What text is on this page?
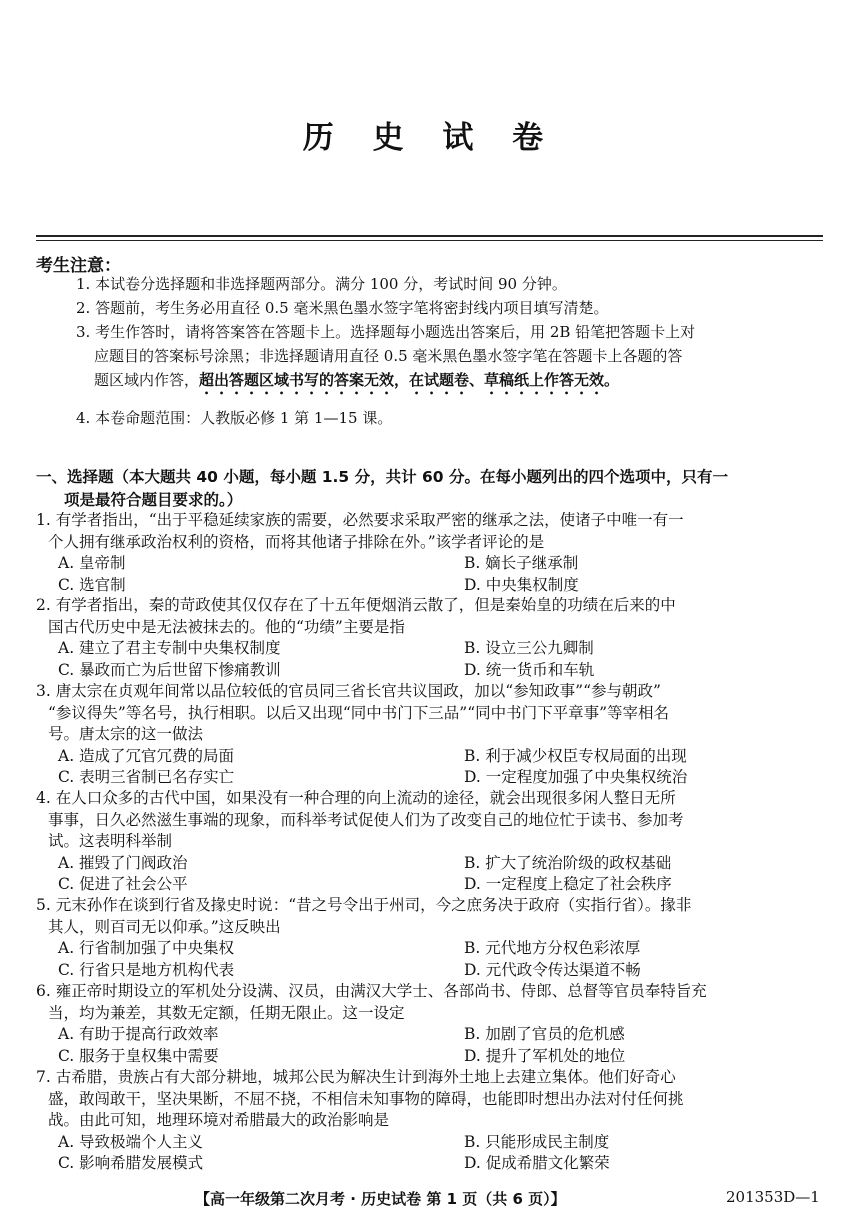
历 史 试 卷
考生注意：
1. 本试卷分选择题和非选择题两部分。满分 100 分，考试时间 90 分钟。
2. 答题前，考生务必用直径 0.5 毫米黑色墨水签字笔将密封线内项目填写清楚。
3. 考生作答时，请将答案答在答题卡上。选择题每小题选出答案后，用 2B 铅笔把答题卡上对
应题目的答案标号涂黑；非选择题请用直径 0.5 毫米黑色墨水签字笔在答题卡上各题的答
题区域内作答，超出答题区域书写的答案无效，在试题卷、草稿纸上作答无效。
4. 本卷命题范围：人教版必修 1 第 1—15 课。
一、选择题（本大题共 40 小题，每小题 1.5 分，共计 60 分。在每小题列出的四个选项中，只有一
项是最符合题目要求的。）
1. 有学者指出，“出于平稳延续家族的需要，必然要求采取严密的继承之法，使诸子中唯一有一
个人拥有继承政治权利的资格，而将其他诸子排除在外。”该学者评论的是
A. 皇帝制	B. 嫡长子继承制
C. 选官制	D. 中央集权制度
2. 有学者指出，秦的苛政使其仅仅存在了十五年便烟消云散了，但是秦始皇的功绩在后来的中
国古代历史中是无法被抹去的。他的“功绩”主要是指
A. 建立了君主专制中央集权制度	B. 设立三公九卿制
C. 暴政而亡为后世留下惨痛教训	D. 统一货币和车轨
3. 唐太宗在贞观年间常以品位较低的官员同三省长官共议国政，加以“参知政事”“参与朝政”
“参议得失”等名号，执行相职。以后又出现“同中书门下三品”“同中书门下平章事”等宰相名
号。唐太宗的这一做法
A. 造成了冗官冗费的局面	B. 利于减少权臣专权局面的出现
C. 表明三省制已名存实亡	D. 一定程度加强了中央集权统治
4. 在人口众多的古代中国，如果没有一种合理的向上流动的途径，就会出现很多闲人整日无所
事事，日久必然滋生事端的现象，而科举考试促使人们为了改变自己的地位忙于读书、参加考
试。这表明科举制
A. 摧毁了门阀政治	B. 扩大了统治阶级的政权基础
C. 促进了社会公平	D. 一定程度上稳定了社会秩序
5. 元末孙作在谈到行省及掾史时说：“昔之号令出于州司，今之庶务决于政府（实指行省）。掾非
其人，则百司无以仰承。”这反映出
A. 行省制加强了中央集权	B. 元代地方分权色彩浓厚
C. 行省只是地方机构代表	D. 元代政令传达渠道不畅
6. 雍正帝时期设立的军机处分设满、汉员，由满汉大学士、各部尚书、侍郎、总督等官员奉特旨充
当，均为兼差，其数无定额，任期无限止。这一设定
A. 有助于提高行政效率	B. 加剧了官员的危机感
C. 服务于皇权集中需要	D. 提升了军机处的地位
7. 古希腊，贵族占有大部分耕地，城邦公民为解决生计到海外土地上去建立集体。他们好奇心
盛，敢闯敢干，坚决果断，不屈不挠，不相信未知事物的障碍，也能即时想出办法对付任何挑
战。由此可知，地理环境对希腊最大的政治影响是
A. 导致极端个人主义	B. 只能形成民主制度
C. 影响希腊发展模式	D. 促成希腊文化繁荣
【高一年级第二次月考 · 历史试卷 第 1 页（共 6 页）】	201353D—1
